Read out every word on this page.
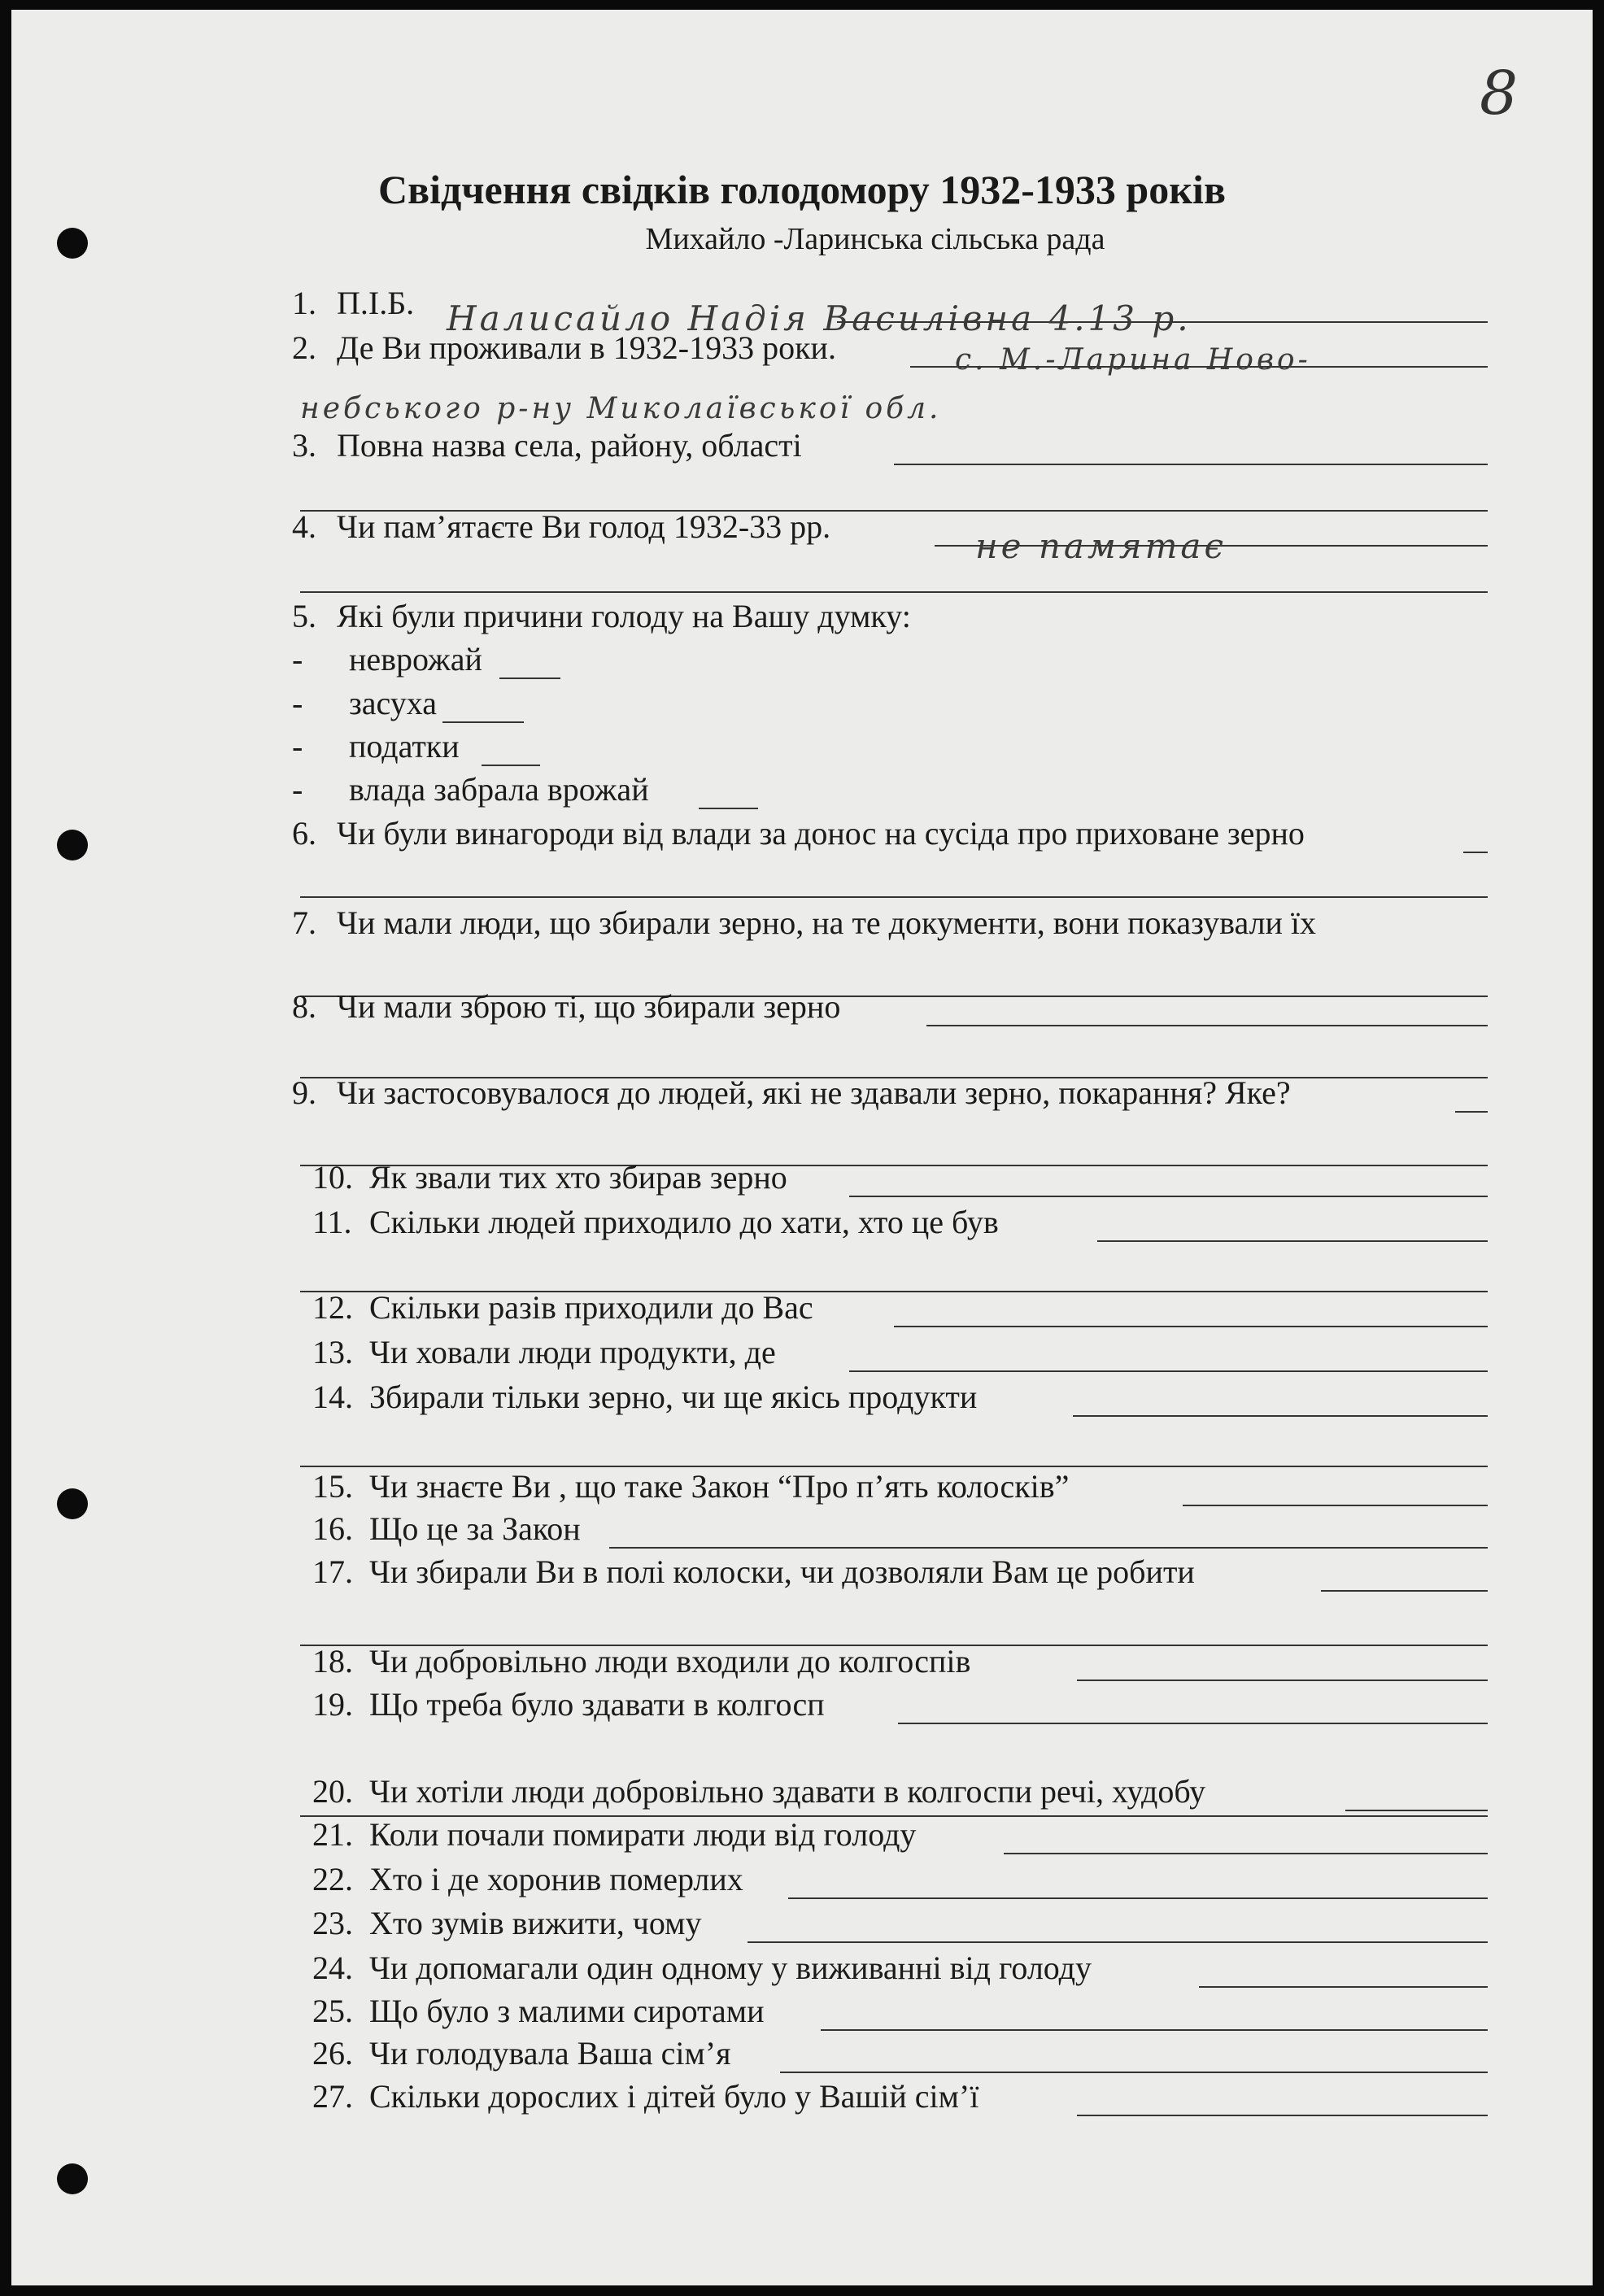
8
Свідчення свідків голодомору 1932-1933 років
Михайло -Ларинська сільська рада
1. П.І.Б.
2. Де Ви проживали в 1932-1933 роки.
3. Повна назва села, району, області
4. Чи пам’ятаєте Ви голод 1932-33 рр.
5. Які були причини голоду на Вашу думку:
- неврожай
- засуха
- податки
- влада забрала врожай
6. Чи були винагороди від влади за донос на сусіда про приховане зерно
7. Чи мали люди, що збирали зерно, на те документи, вони показували їх
8. Чи мали зброю ті, що збирали зерно
9. Чи застосовувалося до людей, які не здавали зерно, покарання? Яке?
10. Як звали тих хто збирав зерно
11. Скільки людей приходило до хати, хто це був
12. Скільки разів приходили до Вас
13. Чи ховали люди продукти, де
14. Збирали тільки зерно, чи ще якісь продукти
15. Чи знаєте Ви , що таке Закон “Про п’ять колосків”
16. Що це за Закон
17. Чи збирали Ви в полі колоски, чи дозволяли Вам це робити
18. Чи добровільно люди входили до колгоспів
19. Що треба було здавати в колгосп
20. Чи хотіли люди добровільно здавати в колгоспи речі, худобу
21. Коли почали помирати люди від голоду
22. Хто і де хоронив померлих
23. Хто зумів вижити, чому
24. Чи допомагали один одному у виживанні від голоду
25. Що було з малими сиротами
26. Чи голодувала Ваша сім’я
27. Скільки дорослих і дітей було у Вашій сім’ї
Налисайло Надія Василівна 4.13 р.
с. М.-Ларина Ново-
небського р-ну Миколаївської обл.
не памятає
